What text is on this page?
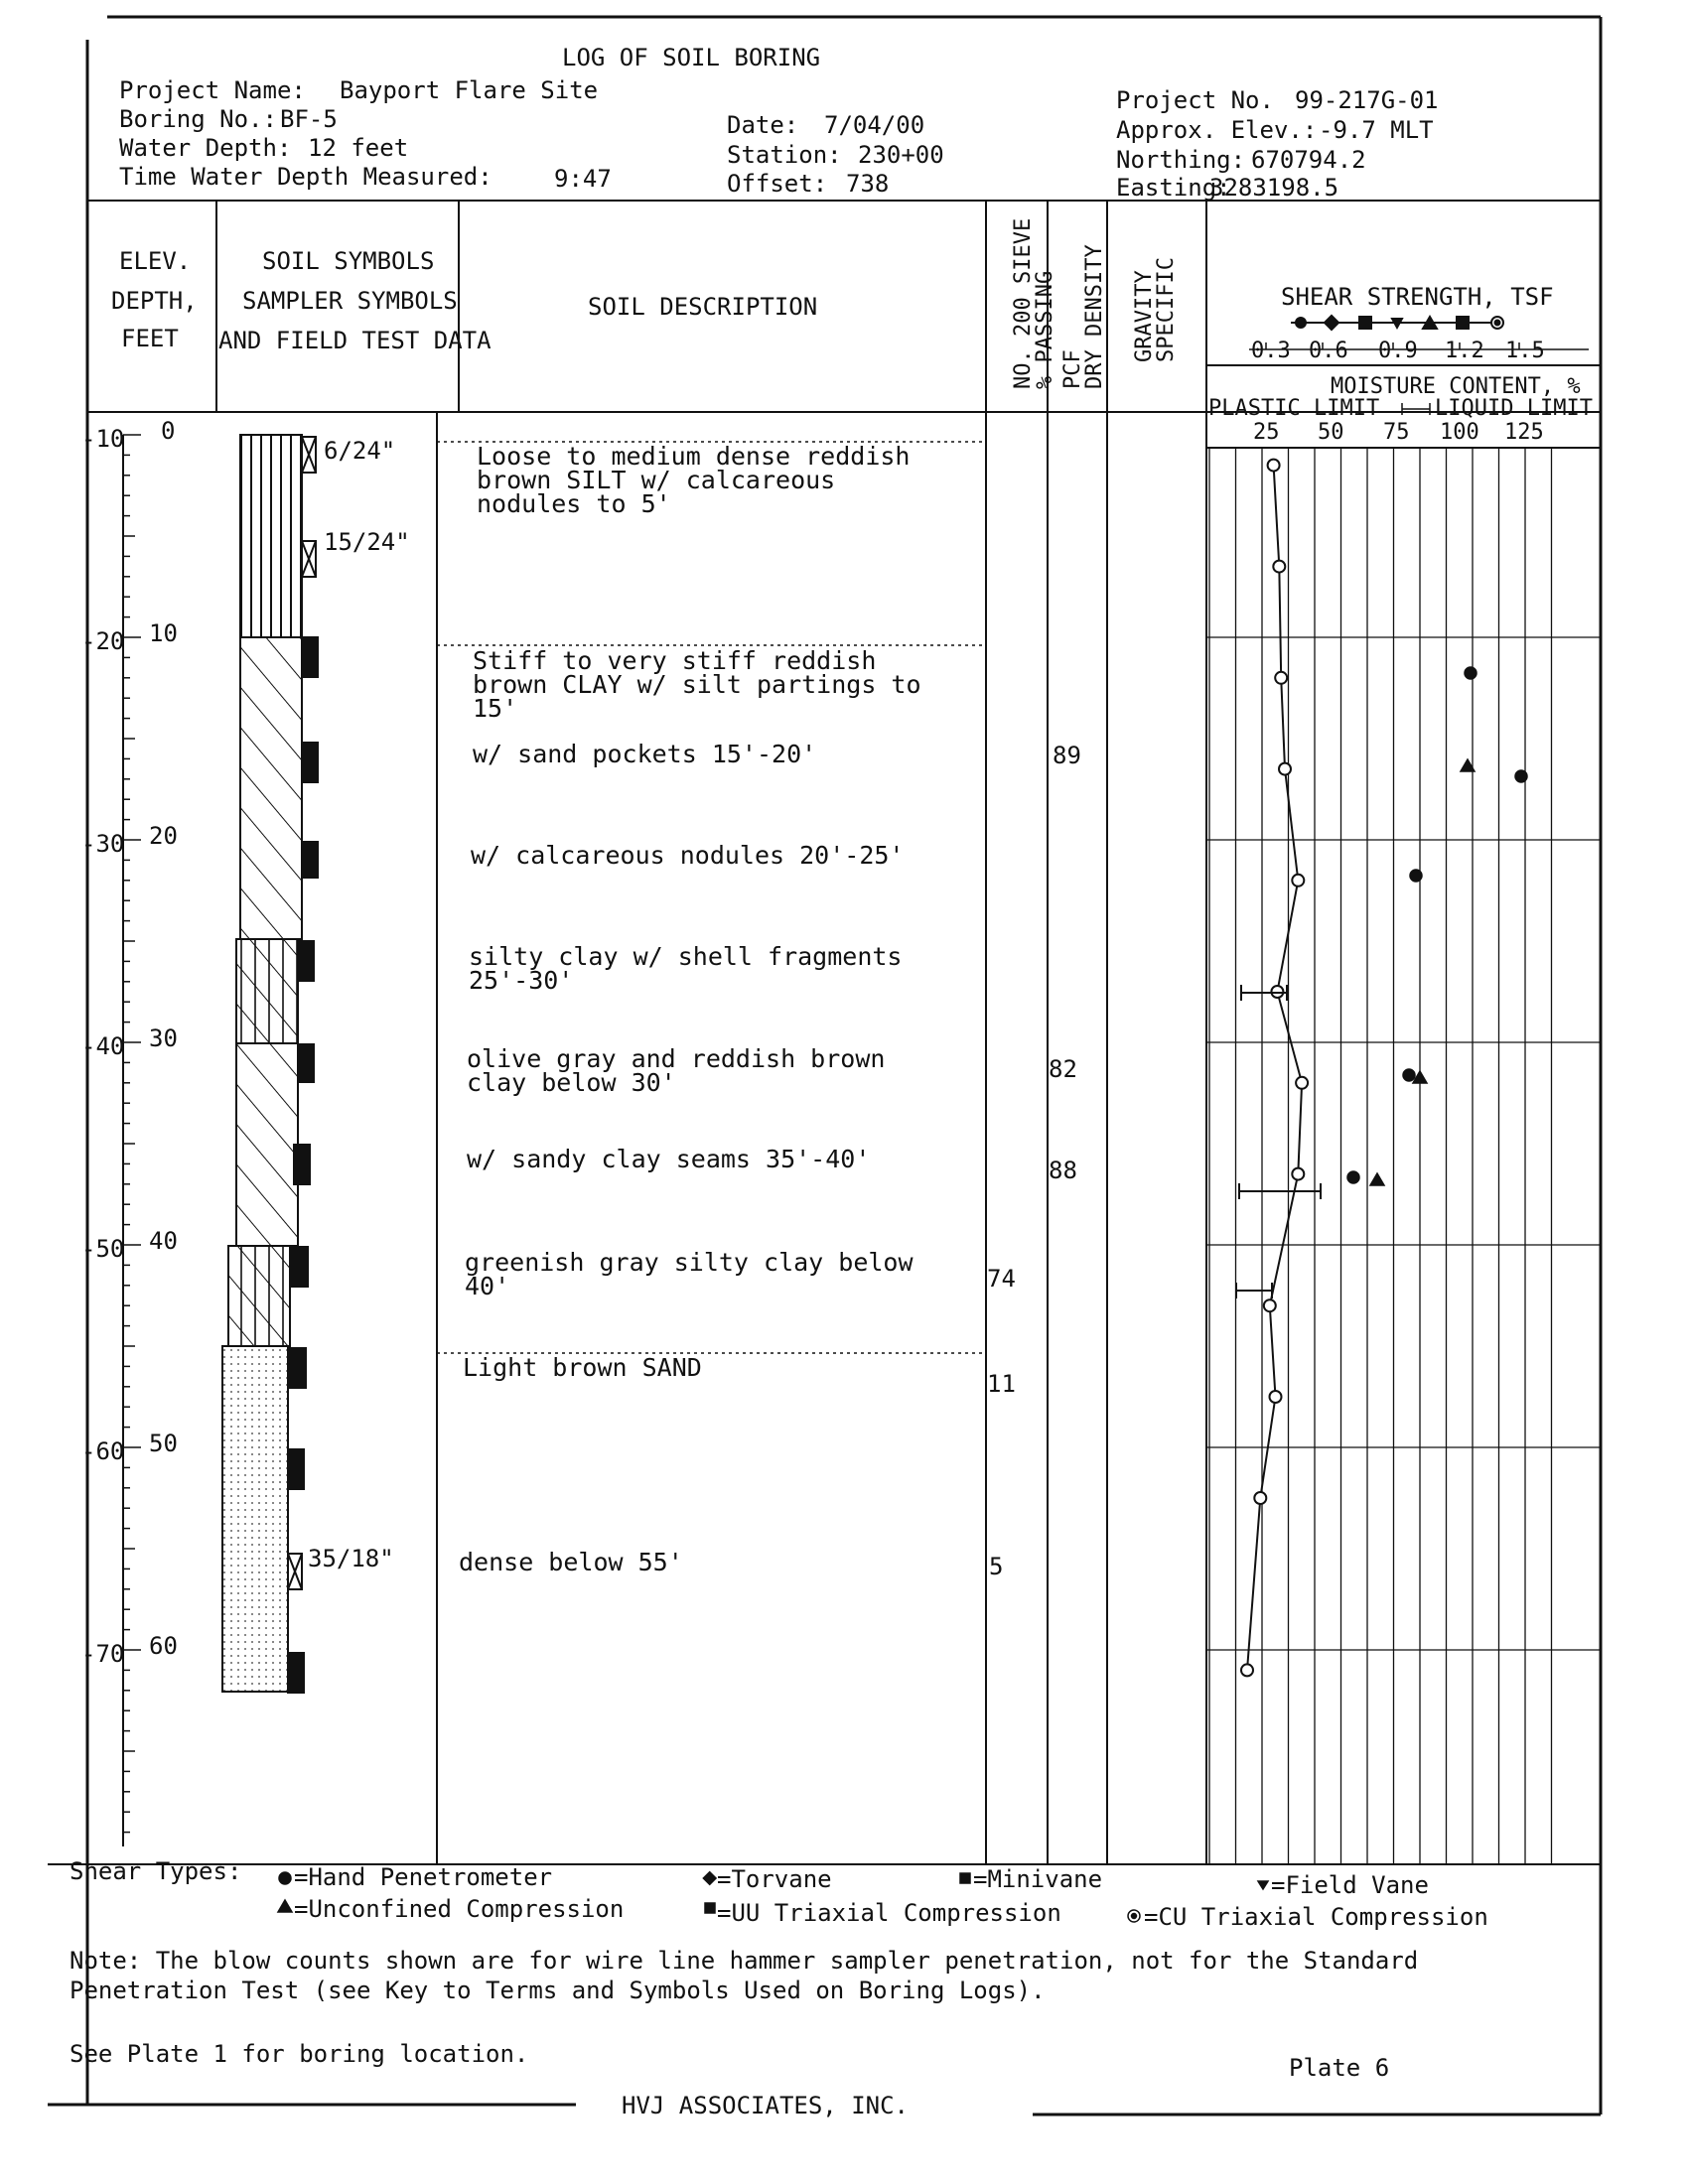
LOG OF SOIL BORING
Project Name: Bayport Flare Site
Boring No.: BF-5
Water Depth: 12 feet
Time Water Depth Measured:	9:47
Date: 7/04/00
Station: 230+00
Offset: 738
Project No. 99-217G-01
Approx. Elev.: -9.7 MLT
Northing: 670794.2
Easting:
3283198.5
ELEV.
DEPTH,
FEET
SOIL SYMBOLS
SAMPLER SYMBOLS
AND FIELD TEST DATA
SOIL DESCRIPTION	% PASSING
NO. 200 SIEVE DRY DENSITY
PCF
SPECIFIC
GRAVITY	SHEAR STRENGTH, TSF
0.3 0.6 0.9 1.2 1.5
MOISTURE CONTENT, %
PLASTIC LIMIT	LIQUID LIMIT
25 50 75 100 125
-10
-20
-30
-40
-50
-60
-70
0
10
20
30
40
50
60
6/24"
15/24"
35/18"
Loose to medium dense reddish
brown SILT w/ calcareous
nodules to 5'
Stiff to very stiff reddish
brown CLAY w/ silt partings to
15'
w/ sand pockets 15'-20'
w/ calcareous nodules 20'-25'
silty clay w/ shell fragments
25'-30'
olive gray and reddish brown
clay below 30'
w/ sandy clay seams 35'-40'
greenish gray silty clay below
40'
Light brown SAND
dense below 55'
74
11
5
89
82
88
Shear Types: =Hand Penetrometer
=Unconfined Compression
=Torvane
=UU Triaxial Compression
=Minivane	=Field Vane
=CU Triaxial Compression
Note: The blow counts shown are for wire line hammer sampler penetration, not for the Standard
Penetration Test (see Key to Terms and Symbols Used on Boring Logs).
See Plate 1 for boring location.	Plate 6
HVJ ASSOCIATES, INC.
